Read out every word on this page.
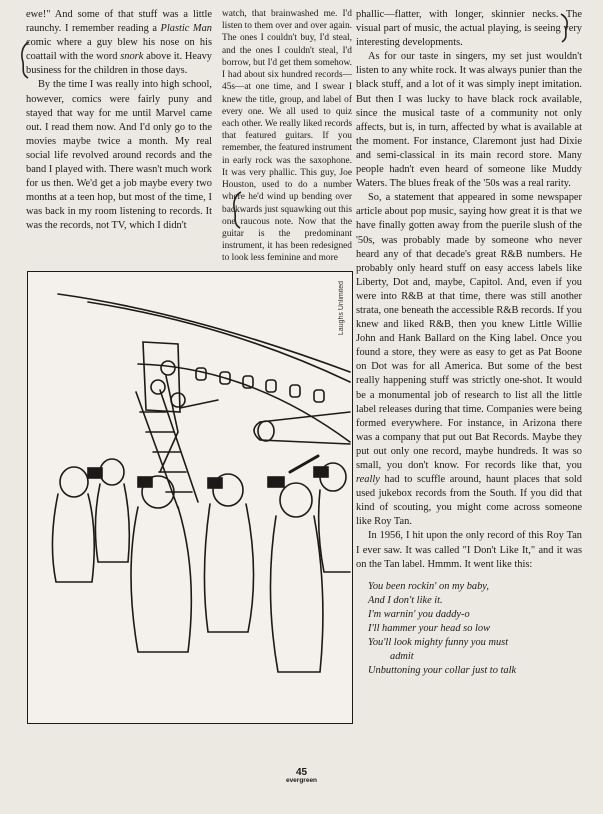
ewe!" And some of that stuff was a little raunchy. I remember reading a Plastic Man comic where a guy blew his nose on his coattail with the word snork above it. Heavy business for the children in those days.

By the time I was really into high school, however, comics were fairly puny and stayed that way for me until Marvel came out. I read them now. And I'd only go to the movies maybe twice a month. My real social life revolved around records and the band I played with. There wasn't much work for us then. We'd get a job maybe every two months at a teen hop, but most of the time, I was back in my room listening to records. It was the records, not TV, which I didn't

watch, that brainwashed me. I'd listen to them over and over again. The ones I couldn't buy, I'd steal, and the ones I couldn't steal, I'd borrow, but I'd get them somehow. I had about six hundred records—45s—at one time, and I swear I knew the title, group, and label of every one. We all used to quiz each other. We really liked records that featured guitars. If you remember, the featured instrument in early rock was the saxophone. It was very phallic. This guy, Joe Houston, used to do a number where he'd wind up bending over backwards just squawking out this one raucous note. Now that the guitar is the predominant instrument, it has been redesigned to look less feminine and more

phallic—flatter, with longer, skinnier necks. The visual part of music, the actual playing, is seeing very interesting developments.

As for our taste in singers, my set just wouldn't listen to any white rock. It was always punier than the black stuff, and a lot of it was simply inept imitation. But then I was lucky to have black rock available, since the musical taste of a community not only affects, but is, in turn, affected by what is available at the moment. For instance, Claremont just had Dixie and semi-classical in its main record store. Many people hadn't even heard of someone like Muddy Waters. The blues freak of the '50s was a real rarity.

So, a statement that appeared in some newspaper article about pop music, saying how great it is that we have finally gotten away from the puerile slush of the '50s, was probably made by someone who never heard any of that decade's great R&B numbers. He probably only heard stuff on easy access labels like Liberty, Dot and, maybe, Capitol. And, even if you were into R&B at that time, there was still another strata, one beneath the accessible R&B records. If you knew and liked R&B, then you knew Little Willie John and Hank Ballard on the King label. Once you found a store, they were as easy to get as Pat Boone on Dot was for all America. But some of the best really happening stuff was strictly one-shot. It would be a monumental job of research to list all the little label releases during that time. Companies were being formed everywhere. For instance, in Arizona there was a company that put out Bat Records. Maybe they put out only one record, maybe hundreds. It was so small, you don't know. For records like that, you really had to scuffle around, haunt places that sold used jukebox records from the South. If you did that kind of scouting, you might come across someone like Roy Tan.

In 1956, I hit upon the only record of this Roy Tan I ever saw. It was called "I Don't Like It," and it was on the Tan label. Hmmm. It went like this:

You been rockin' on my baby,
And I don't like it.
I'm warnin' you daddy-o
I'll hammer your head so low
You'll look mighty funny you must
admit
Unbuttoning your collar just to talk
Laughs Unlimited
45
evergreen
